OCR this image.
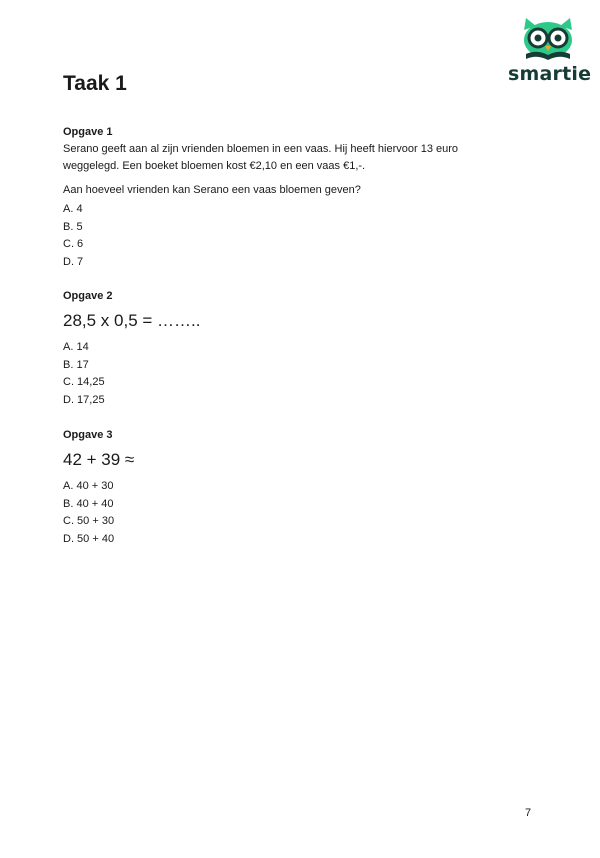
Taak 1	smartie

Opgave 1

Serano geeft aan al zijn vrienden bloemen in een vaas. Hij heeft hiervoor 13 euro

weggelegd. Een boeket bloemen kost €2,10 en een vaas €1,-.

Aan hoeveel vrienden kan Serano een vaas bloemen geven?

A. 4
B. 5
C. 6
D. 7

Opgave 2

28,5 x 0,5 = ……..

A. 14
B. 17
C. 14,25
D. 17,25

Opgave 3

42 + 39 ≈

A. 40 + 30
B. 40 + 40
C. 50 + 30
D. 50 + 40
7
